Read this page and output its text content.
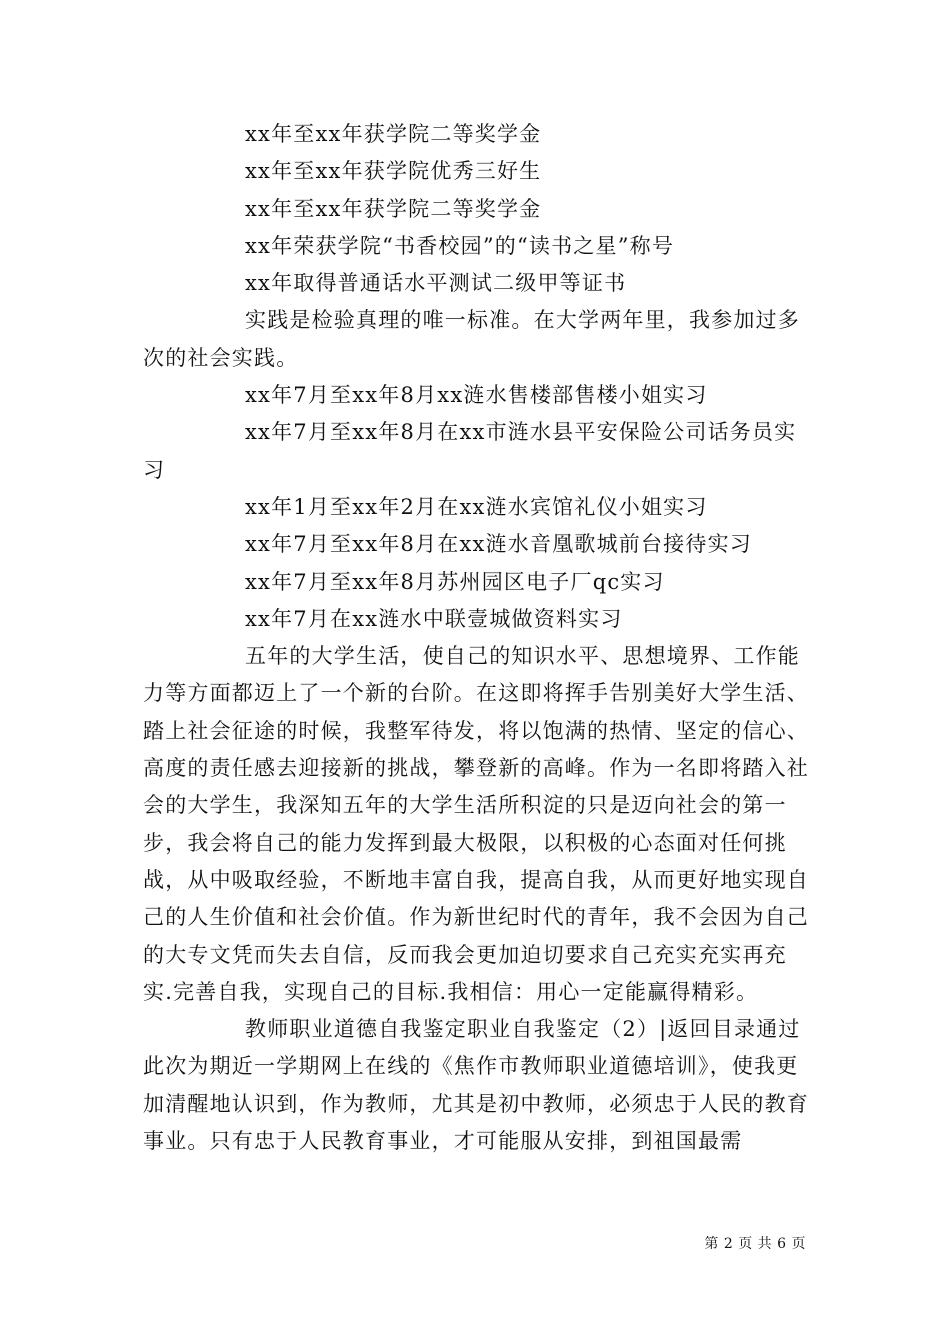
xx年至xx年获学院二等奖学金

xx年至xx年获学院优秀三好生

xx年至xx年获学院二等奖学金

xx年荣获学院“书香校园”的“读书之星”称号

xx年取得普通话水平测试二级甲等证书

实践是检验真理的唯一标准。在大学两年里，我参加过多次的社会实践。

xx年7月至xx年8月xx涟水售楼部售楼小姐实习

xx年7月至xx年8月在xx市涟水县平安保险公司话务员实习

xx年1月至xx年2月在xx涟水宾馆礼仪小姐实习

xx年7月至xx年8月在xx涟水音凰歌城前台接待实习

xx年7月至xx年8月苏州园区电子厂qc实习

xx年7月在xx涟水中联壹城做资料实习

五年的大学生活，使自己的知识水平、思想境界、工作能力等方面都迈上了一个新的台阶。在这即将挥手告别美好大学生活、踏上社会征途的时候，我整军待发，将以饱满的热情、坚定的信心、高度的责任感去迎接新的挑战，攀登新的高峰。作为一名即将踏入社会的大学生，我深知五年的大学生活所积淀的只是迈向社会的第一步，我会将自己的能力发挥到最大极限，以积极的心态面对任何挑战，从中吸取经验，不断地丰富自我，提高自我，从而更好地实现自己的人生价值和社会价值。作为新世纪时代的青年，我不会因为自己的大专文凭而失去自信，反而我会更加迫切要求自己充实充实再充实.完善自我，实现自己的目标.我相信：用心一定能赢得精彩。

教师职业道德自我鉴定职业自我鉴定（2）|返回目录通过此次为期近一学期网上在线的《焦作市教师职业道德培训》，使我更加清醒地认识到，作为教师，尤其是初中教师，必须忠于人民的教育事业。只有忠于人民教育事业，才可能服从安排，到祖国最需

第 2 页 共 6 页
